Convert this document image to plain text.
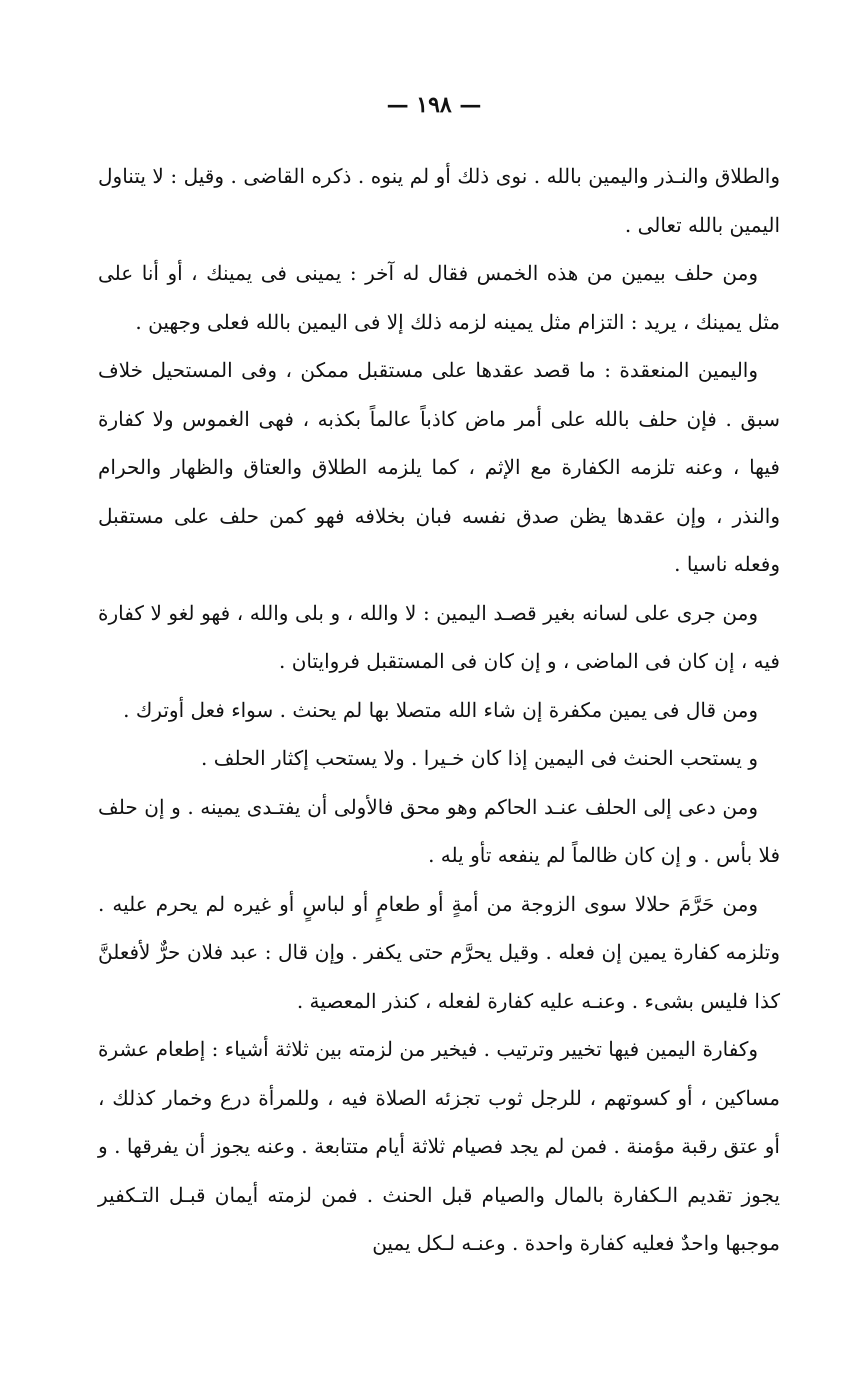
— ١٩٨ —

والطلاق والنـذر واليمين بالله . نوى ذلك أو لم ينوه . ذكره القاضى . وقيل : لا يتناول اليمين بالله تعالى .

ومن حلف بيمين من هذه الخمس فقال له آخر : يمينى فى يمينك ، أو أنا على مثل يمينك ، يريد : التزام مثل يمينه لزمه ذلك إلا فى اليمين بالله فعلى وجهين .

واليمين المنعقدة : ما قصد عقدها على مستقبل ممكن ، وفى المستحيل خلاف سبق . فإن حلف بالله على أمر ماض كاذباً عالماً بكذبه ، فهى الغموس ولا كفارة فيها ، وعنه تلزمه الكفارة مع الإثم ، كما يلزمه الطلاق والعتاق والظهار والحرام والنذر ، وإن عقدها يظن صدق نفسه فبان بخلافه فهو كمن حلف على مستقبل وفعله ناسيا .

ومن جرى على لسانه بغير قصـد اليمين : لا والله ، و بلى والله ، فهو لغو لا كفارة فيه ، إن كان فى الماضى ، و إن كان فى المستقبل فروايتان .

ومن قال فى يمين مكفرة إن شاء الله متصلا بها لم يحنث . سواء فعل أوترك .

و يستحب الحنث فى اليمين إذا كان خـيرا . ولا يستحب إكثار الحلف .

ومن دعى إلى الحلف عنـد الحاكم وهو محق فالأولى أن يفتـدى يمينه . و إن حلف فلا بأس . و إن كان ظالماً لم ينفعه تأو يله .

ومن حَرَّمَ حلالا سوى الزوجة من أمةٍ أو طعامٍ أو لباسٍ أو غيره لم يحرم عليه . وتلزمه كفارة يمين إن فعله . وقيل يحرَّم حتى يكفر . وإن قال : عبد فلان حرٌّ لأفعلنَّ كذا فليس بشىء . وعنـه عليه كفارة لفعله ، كنذر المعصية .

وكفارة اليمين فيها تخيير وترتيب . فيخير من لزمته بين ثلاثة أشياء : إطعام عشرة مساكين ، أو كسوتهم ، للرجل ثوب تجزئه الصلاة فيه ، وللمرأة درع وخمار كذلك ، أو عتق رقبة مؤمنة . فمن لم يجد فصيام ثلاثة أيام متتابعة . وعنه يجوز أن يفرقها . و يجوز تقديم الـكفارة بالمال والصيام قبل الحنث . فمن لزمته أيمان قبـل التـكفير موجبها واحدٌ فعليه كفارة واحدة . وعنـه لـكل يمين
